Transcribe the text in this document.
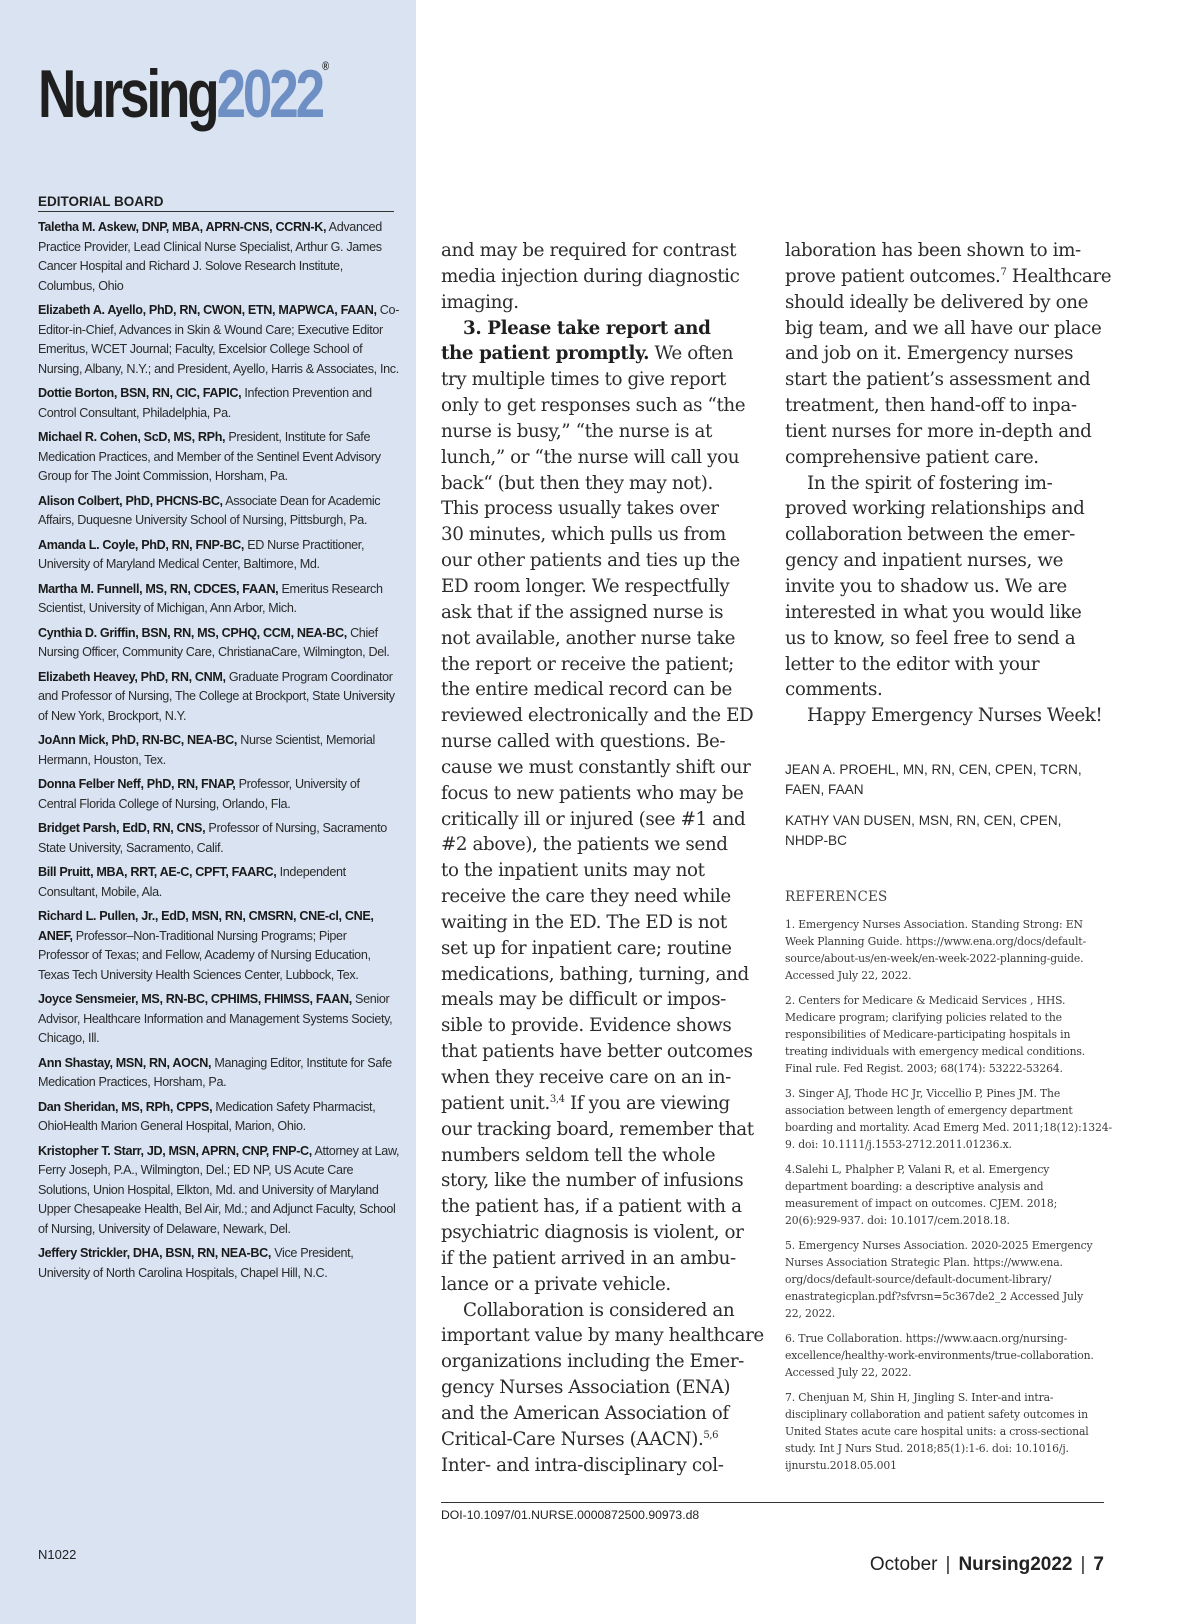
Nursing2022®
EDITORIAL BOARD
Taletha M. Askew, DNP, MBA, APRN-CNS, CCRN-K, Advanced Practice Provider, Lead Clinical Nurse Specialist, Arthur G. James Cancer Hospital and Richard J. Solove Research Institute, Columbus, Ohio
Elizabeth A. Ayello, PhD, RN, CWON, ETN, MAPWCA, FAAN, Co-Editor-in-Chief, Advances in Skin & Wound Care; Executive Editor Emeritus, WCET Journal; Faculty, Excelsior College School of Nursing, Albany, N.Y.; and President, Ayello, Harris & Associates, Inc.
Dottie Borton, BSN, RN, CIC, FAPIC, Infection Prevention and Control Consultant, Philadelphia, Pa.
Michael R. Cohen, ScD, MS, RPh, President, Institute for Safe Medication Practices, and Member of the Sentinel Event Advisory Group for The Joint Commission, Horsham, Pa.
Alison Colbert, PhD, PHCNS-BC, Associate Dean for Academic Affairs, Duquesne University School of Nursing, Pittsburgh, Pa.
Amanda L. Coyle, PhD, RN, FNP-BC, ED Nurse Practitioner, University of Maryland Medical Center, Baltimore, Md.
Martha M. Funnell, MS, RN, CDCES, FAAN, Emeritus Research Scientist, University of Michigan, Ann Arbor, Mich.
Cynthia D. Griffin, BSN, RN, MS, CPHQ, CCM, NEA-BC, Chief Nursing Officer, Community Care, ChristianaCare, Wilmington, Del.
Elizabeth Heavey, PhD, RN, CNM, Graduate Program Coordinator and Professor of Nursing, The College at Brockport, State University of New York, Brockport, N.Y.
JoAnn Mick, PhD, RN-BC, NEA-BC, Nurse Scientist, Memorial Hermann, Houston, Tex.
Donna Felber Neff, PhD, RN, FNAP, Professor, University of Central Florida College of Nursing, Orlando, Fla.
Bridget Parsh, EdD, RN, CNS, Professor of Nursing, Sacramento State University, Sacramento, Calif.
Bill Pruitt, MBA, RRT, AE-C, CPFT, FAARC, Independent Consultant, Mobile, Ala.
Richard L. Pullen, Jr., EdD, MSN, RN, CMSRN, CNE-cl, CNE, ANEF, Professor–Non-Traditional Nursing Programs; Piper Professor of Texas; and Fellow, Academy of Nursing Education, Texas Tech University Health Sciences Center, Lubbock, Tex.
Joyce Sensmeier, MS, RN-BC, CPHIMS, FHIMSS, FAAN, Senior Advisor, Healthcare Information and Management Systems Society, Chicago, Ill.
Ann Shastay, MSN, RN, AOCN, Managing Editor, Institute for Safe Medication Practices, Horsham, Pa.
Dan Sheridan, MS, RPh, CPPS, Medication Safety Pharmacist, OhioHealth Marion General Hospital, Marion, Ohio.
Kristopher T. Starr, JD, MSN, APRN, CNP, FNP-C, Attorney at Law, Ferry Joseph, P.A., Wilmington, Del.; ED NP, US Acute Care Solutions, Union Hospital, Elkton, Md. and University of Maryland Upper Chesapeake Health, Bel Air, Md.; and Adjunct Faculty, School of Nursing, University of Delaware, Newark, Del.
Jeffery Strickler, DHA, BSN, RN, NEA-BC, Vice President, University of North Carolina Hospitals, Chapel Hill, N.C.
N1022
and may be required for contrast
media injection during diagnostic
imaging.
3. Please take report and
the patient promptly. We often
try multiple times to give report
only to get responses such as “the
nurse is busy,” “the nurse is at
lunch,” or “the nurse will call you
back“ (but then they may not).
This process usually takes over
30 minutes, which pulls us from
our other patients and ties up the
ED room longer. We respectfully
ask that if the assigned nurse is
not available, another nurse take
the report or receive the patient;
the entire medical record can be
reviewed electronically and the ED
nurse called with questions. Be-
cause we must constantly shift our
focus to new patients who may be
critically ill or injured (see #1 and
#2 above), the patients we send
to the inpatient units may not
receive the care they need while
waiting in the ED. The ED is not
set up for inpatient care; routine
medications, bathing, turning, and
meals may be difficult or impos-
sible to provide. Evidence shows
that patients have better outcomes
when they receive care on an in-
patient unit.$^{3,4}$ If you are viewing
our tracking board, remember that
numbers seldom tell the whole
story, like the number of infusions
the patient has, if a patient with a
psychiatric diagnosis is violent, or
if the patient arrived in an ambu-
lance or a private vehicle.
Collaboration is considered an
important value by many healthcare
organizations including the Emer-
gency Nurses Association (ENA)
and the American Association of
Critical-Care Nurses (AACN).$^{5,6}$
Inter- and intra-disciplinary col-
laboration has been shown to im-
prove patient outcomes.$^7$ Healthcare
should ideally be delivered by one
big team, and we all have our place
and job on it. Emergency nurses
start the patient’s assessment and
treatment, then hand-off to inpa-
tient nurses for more in-depth and
comprehensive patient care.
In the spirit of fostering im-
proved working relationships and
collaboration between the emer-
gency and inpatient nurses, we
invite you to shadow us. We are
interested in what you would like
us to know, so feel free to send a
letter to the editor with your
comments.
Happy Emergency Nurses Week!

JEAN A. PROEHL, MN, RN, CEN, CPEN, TCRN, FAEN, FAAN

KATHY VAN DUSEN, MSN, RN, CEN, CPEN, NHDP-BC

REFERENCES
1. Emergency Nurses Association. Standing Strong: EN
Week Planning Guide. https://www.ena.org/docs/default-
source/about-us/en-week/en-week-2022-planning-guide.
Accessed July 22, 2022.
2. Centers for Medicare & Medicaid Services , HHS.
Medicare program; clarifying policies related to the
responsibilities of Medicare-participating hospitals in
treating individuals with emergency medical conditions.
Final rule. Fed Regist. 2003; 68(174): 53222-53264.
3. Singer AJ, Thode HC Jr, Viccellio P, Pines JM. The
association between length of emergency department
boarding and mortality. Acad Emerg Med. 2011;18(12):1324-
9. doi: 10.1111/j.1553-2712.2011.01236.x.
4.Salehi L, Phalpher P, Valani R, et al. Emergency
department boarding: a descriptive analysis and
measurement of impact on outcomes. CJEM. 2018;
20(6):929-937. doi: 10.1017/cem.2018.18.
5. Emergency Nurses Association. 2020-2025 Emergency
Nurses Association Strategic Plan. https://www.ena.
org/docs/default-source/default-document-library/
enastrategicplan.pdf?sfvrsn=5c367de2_2 Accessed July
22, 2022.
6. True Collaboration. https://www.aacn.org/nursing-
excellence/healthy-work-environments/true-collaboration.
Accessed July 22, 2022.
7. Chenjuan M, Shin H, Jingling S. Inter-and intra-
disciplinary collaboration and patient safety outcomes in
United States acute care hospital units: a cross-sectional
study. Int J Nurs Stud. 2018;85(1):1-6. doi: 10.1016/j.
ijnurstu.2018.05.001
DOI-10.1097/01.NURSE.0000872500.90973.d8
October | Nursing2022 | 7
